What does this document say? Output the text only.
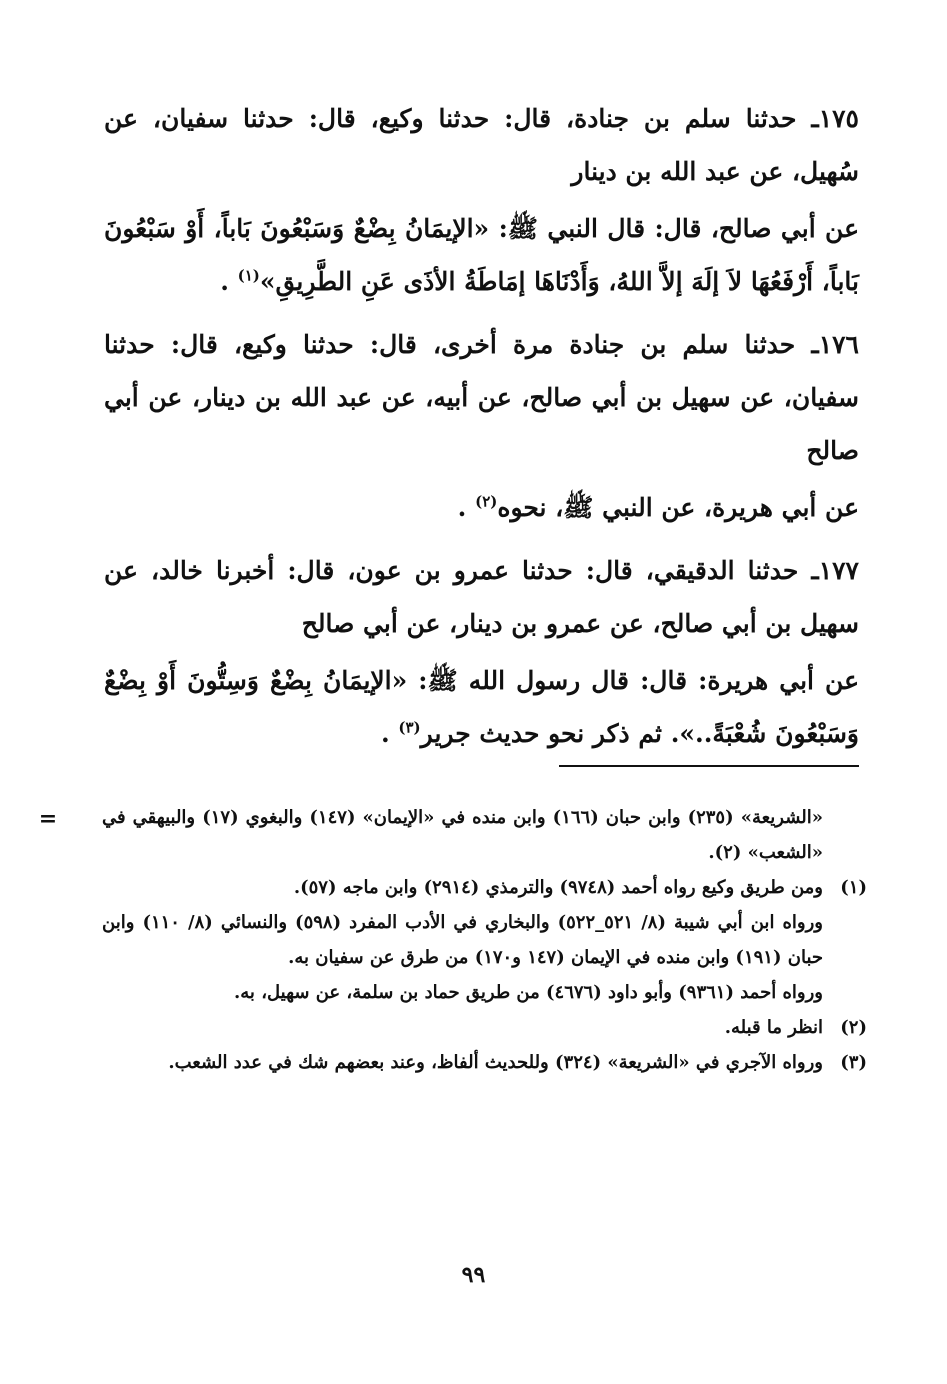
١٧٥ـ حدثنا سلم بن جنادة، قال: حدثنا وكيع، قال: حدثنا سفيان، عن سُهيل، عن عبد الله بن دينار

عن أبي صالح، قال: قال النبي ﷺ: «الإيمَانُ بِضْعٌ وَسَبْعُونَ بَاباً، أَوْ سَبْعُونَ بَاباً، أَرْفَعُهَا لاَ إلَهَ إلاَّ اللهُ، وَأَدْنَاهَا إمَاطَةُ الأذَى عَنِ الطَّرِيقِ»$^{(١)}$ .

١٧٦ـ حدثنا سلم بن جنادة مرة أخرى، قال: حدثنا وكيع، قال: حدثنا سفيان، عن سهيل بن أبي صالح، عن أبيه، عن عبد الله بن دينار، عن أبي صالح

عن أبي هريرة، عن النبي ﷺ، نحوه$^{(٢)}$ .

١٧٧ـ حدثنا الدقيقي، قال: حدثنا عمرو بن عون، قال: أخبرنا خالد، عن سهيل بن أبي صالح، عن عمرو بن دينار، عن أبي صالح

عن أبي هريرة: قال: قال رسول الله ﷺ: «الإيمَانُ بِضْعٌ وَسِتُّونَ أَوْ بِضْعٌ وَسَبْعُونَ شُعْبَةً..». ثم ذكر نحو حديث جرير$^{(٣)}$ .

=	«الشريعة» (٢٣٥) وابن حبان (١٦٦) وابن منده في «الإيمان» (١٤٧) والبغوي (١٧) والبيهقي في «الشعب» (٢).
(١)
ومن طريق وكيع رواه أحمد (٩٧٤٨) والترمذي (٢٩١٤) وابن ماجه (٥٧).
ورواه ابن أبي شيبة (٨/ ٥٢١_٥٢٢) والبخاري في الأدب المفرد (٥٩٨) والنسائي (٨/ ١١٠) وابن حبان (١٩١) وابن منده في الإيمان (١٤٧ و١٧٠) من طرق عن سفيان به.
ورواه أحمد (٩٣٦١) وأبو داود (٤٦٧٦) من طريق حماد بن سلمة، عن سهيل، به.
(٢)
انظر ما قبله.
(٣)
ورواه الآجري في «الشريعة» (٣٢٤) وللحديث ألفاظ، وعند بعضهم شك في عدد الشعب.
٩٩
